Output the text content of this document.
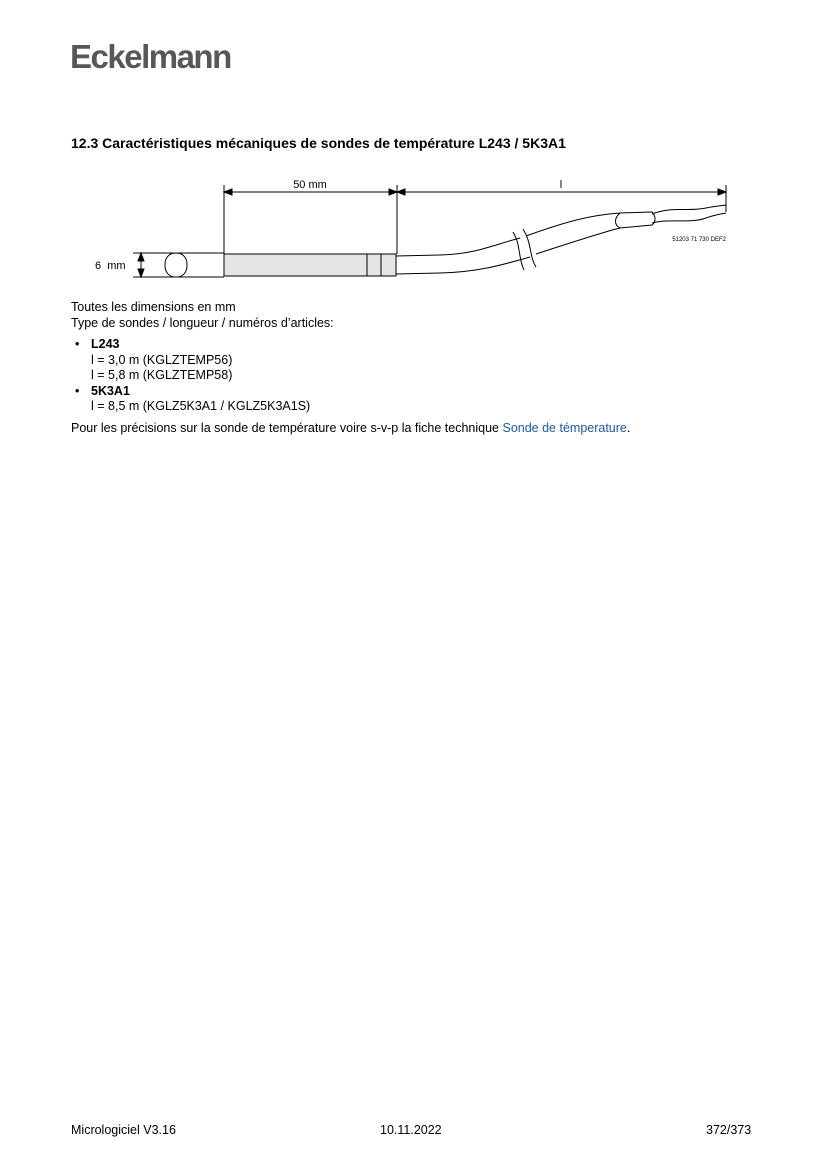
Eckelmann
12.3 Caractéristiques mécaniques de sondes de température L243 / 5K3A1
50 mm	l
6  mm
51203 71 730 DEF2

Toutes les dimensions en mm

Type de sondes / longueur / numéros d’articles:

• L243
l = 3,0 m (KGLZTEMP56)
l = 5,8 m (KGLZTEMP58)
• 5K3A1
l = 8,5 m (KGLZ5K3A1 / KGLZ5K3A1S)

Pour les précisions sur la sonde de température voire s-v-p la fiche technique Sonde de témperature.

Micrologiciel V3.16	10.11.2022	372/373
